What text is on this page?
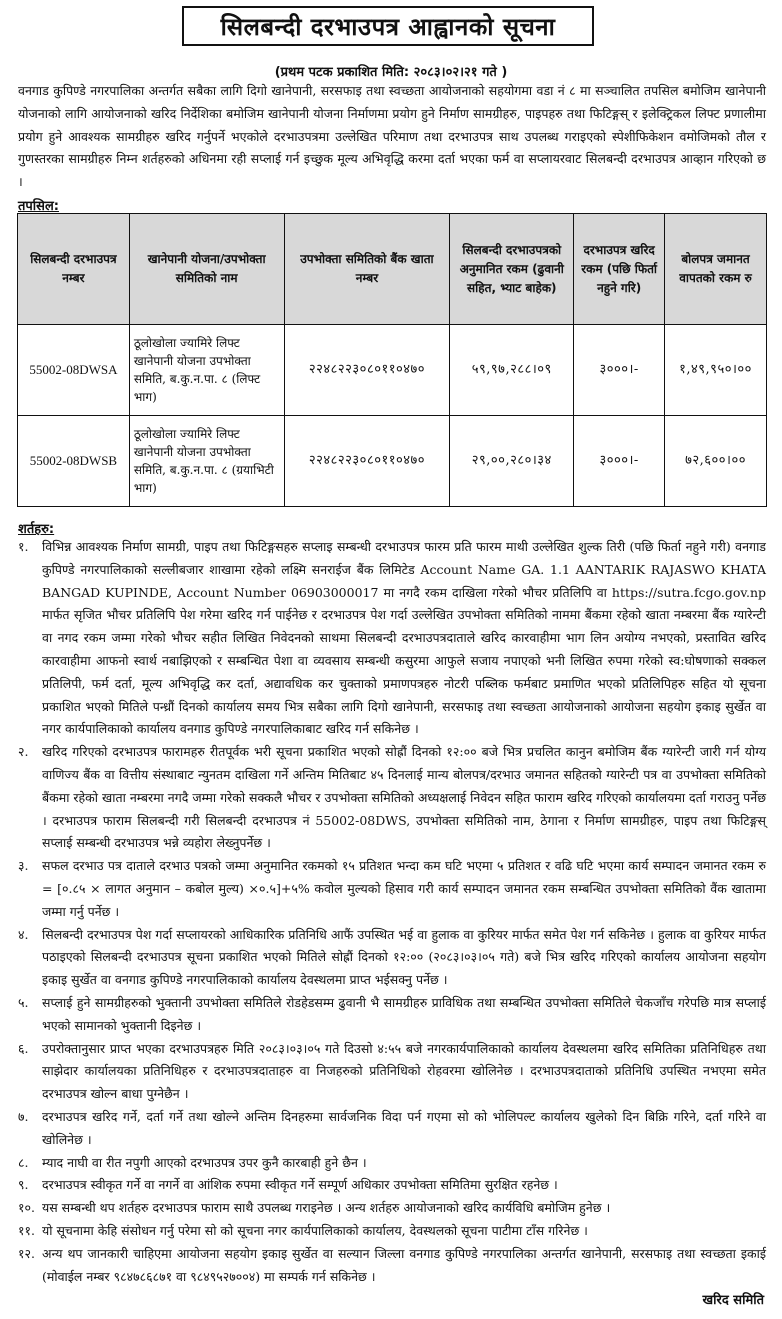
सिलबन्दी दरभाउपत्र आह्वानको सूचना
(प्रथम पटक प्रकाशित मिति: २०८३।०२।२१ गते )
वनगाड कुपिण्डे नगरपालिका अन्तर्गत सबैका लागि दिगो खानेपानी, सरसफाइ तथा स्वच्छता आयोजनाको सहयोगमा वडा नं ८ मा सञ्चालित तपसिल बमोजिम खानेपानी योजनाको लागि आयोजनाको खरिद निर्देशिका बमोजिम खानेपानी योजना निर्माणमा प्रयोग हुने निर्माण सामग्रीहरु, पाइपहरु तथा फिटिङ्गस् र इलेक्ट्रिकल लिफ्ट प्रणालीमा प्रयोग हुने आवश्यक सामग्रीहरु खरिद गर्नुपर्ने भएकोले दरभाउपत्रमा उल्लेखित परिमाण तथा दरभाउपत्र साथ उपलब्ध गराइएको स्पेशीफिकेशन वमोजिमको तौल र गुणस्तरका सामग्रीहरु निम्न शर्तहरुको अधिनमा रही सप्लाई गर्न इच्छुक मूल्य अभिवृद्धि करमा दर्ता भएका फर्म वा सप्लायरवाट सिलबन्दी दरभाउपत्र आव्हान गरिएको छ ।
तपसिल:
सिलबन्दी दरभाउपत्र नम्बर	खानेपानी योजना/उपभोक्ता समितिको नाम	उपभोक्ता समितिको बैंक खाता नम्बर	सिलबन्दी दरभाउपत्रको अनुमानित रकम (ढुवानी सहित, भ्याट बाहेक)	दरभाउपत्र खरिद रकम (पछि फिर्ता नहुने गरि)	बोलपत्र जमानत वापतको रकम रु
55002-08DWSA	ठूलोखोला ज्यामिरे लिफ्ट खानेपानी योजना उपभोक्ता समिति, ब.कु.न.पा. ८ (लिफ्ट भाग)	२२४८२२३०८०११०४७०	५९,९७,२८८।०९	३०००।-	१,४९,९५०।००
55002-08DWSB	ठूलोखोला ज्यामिरे लिफ्ट खानेपानी योजना उपभोक्ता समिति, ब.कु.न.पा. ८ (ग्रयाभिटी भाग)	२२४८२२३०८०११०४७०	२९,००,२८०।३४	३०००।-	७२,६००।००
शर्तहरु:
१.	विभिन्न आवश्यक निर्माण सामग्री, पाइप तथा फिटिङ्गसहरु सप्लाइ सम्बन्धी दरभाउपत्र फारम प्रति फारम माथी उल्लेखित शुल्क तिरी (पछि फिर्ता नहुने गरी) वनगाड कुपिण्डे नगरपालिकाको सल्लीबजार शाखामा रहेको लक्ष्मि सनराईज बैंक लिमिटेड Account Name GA. 1.1 AANTARIK RAJASWO KHATA BANGAD KUPINDE, Account Number 06903000017 मा नगदै रकम दाखिला गरेको भौचर प्रतिलिपि वा https://sutra.fcgo.gov.np मार्फत सृजित भौचर प्रतिलिपि पेश गरेमा खरिद गर्न पाईनेछ र दरभाउपत्र पेश गर्दा उल्लेखित उपभोक्ता समितिको नाममा बैंकमा रहेको खाता नम्बरमा बैंक ग्यारेन्टी वा नगद रकम जम्मा गरेको भौचर सहीत लिखित निवेदनको साथमा सिलबन्दी दरभाउपत्रदाताले खरिद कारवाहीमा भाग लिन अयोग्य नभएको, प्रस्तावित खरिद कारवाहीमा आफनो स्वार्थ नबाझिएको र सम्बन्धित पेशा वा व्यवसाय सम्बन्धी कसुरमा आफुले सजाय नपाएको भनी लिखित रुपमा गरेको स्व:घोषणाको सक्कल प्रतिलिपी, फर्म दर्ता, मूल्य अभिवृद्धि कर दर्ता, अद्यावधिक कर चुक्ताको प्रमाणपत्रहरु नोटरी पब्लिक फर्मबाट प्रमाणित भएको प्रतिलिपिहरु सहित यो सूचना प्रकाशित भएको मितिले पन्ध्रौं दिनको कार्यालय समय भित्र सबैका लागि दिगो खानेपानी, सरसफाइ तथा स्वच्छता आयोजनाको आयोजना सहयोग इकाइ सुर्खेत वा नगर कार्यपालिकाको कार्यालय वनगाड कुपिण्डे नगरपालिकाबाट खरिद गर्न सकिनेछ ।
२.	खरिद गरिएको दरभाउपत्र फारामहरु रीतपूर्वक भरी सूचना प्रकाशित भएको सोह्रौं दिनको १२:०० बजे भित्र प्रचलित कानुन बमोजिम बैंक ग्यारेन्टी जारी गर्न योग्य वाणिज्य बैंक वा वित्तीय संस्थाबाट न्युनतम दाखिला गर्ने अन्तिम मितिबाट ४५ दिनलाई मान्य बोलपत्र/दरभाउ जमानत सहितको ग्यारेन्टी पत्र वा उपभोक्ता समितिको बैंकमा रहेको खाता नम्बरमा नगदै जम्मा गरेको सक्कलै भौचर र उपभोक्ता समितिको अध्यक्षलाई निवेदन सहित फाराम खरिद गरिएको कार्यालयमा दर्ता गराउनु पर्नेछ । दरभाउपत्र फाराम सिलबन्दी गरी सिलबन्दी दरभाउपत्र नं 55002-08DWS, उपभोक्ता समितिको नाम, ठेगाना र निर्माण सामग्रीहरु, पाइप तथा फिटिङ्गस् सप्लाई सम्बन्धी दरभाउपत्र भन्ने व्यहोरा लेख्नुपर्नेछ ।
३.	सफल दरभाउ पत्र दाताले दरभाउ पत्रको जम्मा अनुमानित रकमको १५ प्रतिशत भन्दा कम घटि भएमा ५ प्रतिशत र वढि घटि भएमा कार्य सम्पादन जमानत रकम रु = [०.८५ × लागत अनुमान – कबोल मुल्य) ×०.५]+५% कवोल मुल्यको हिसाव गरी कार्य सम्पादन जमानत रकम सम्बन्धित उपभोक्ता समितिको वैंक खातामा जम्मा गर्नु पर्नेछ ।
४.	सिलबन्दी दरभाउपत्र पेश गर्दा सप्लायरको आधिकारिक प्रतिनिधि आफैं उपस्थित भई वा हुलाक वा कुरियर मार्फत समेत पेश गर्न सकिनेछ । हुलाक वा कुरियर मार्फत पठाइएको सिलबन्दी दरभाउपत्र सूचना प्रकाशित भएको मितिले सोह्रौं दिनको १२:०० (२०८३।०३।०५ गते) बजे भित्र खरिद गरिएको कार्यालय आयोजना सहयोग इकाइ सुर्खेत वा वनगाड कुपिण्डे नगरपालिकाको कार्यालय देवस्थलमा प्राप्त भईसक्नु पर्नेछ ।
५.	सप्लाई हुने सामग्रीहरुको भुक्तानी उपभोक्ता समितिले रोडहेडसम्म ढुवानी भै सामग्रीहरु प्राविधिक तथा सम्बन्धित उपभोक्ता समितिले चेकजाँच गरेपछि मात्र सप्लाई भएको सामानको भुक्तानी दिइनेछ ।
६.	उपरोक्तानुसार प्राप्त भएका दरभाउपत्रहरु मिति २०८३।०३।०५ गते दिउसो ४:५५ बजे नगरकार्यपालिकाको कार्यालय देवस्थलमा खरिद समितिका प्रतिनिधिहरु तथा साझेदार कार्यालयका प्रतिनिधिहरु र दरभाउपत्रदाताहरु वा निजहरुको प्रतिनिधिको रोहवरमा खोलिनेछ । दरभाउपत्रदाताको प्रतिनिधि उपस्थित नभएमा समेत दरभाउपत्र खोल्न बाधा पुग्नेछैन ।
७.	दरभाउपत्र खरिद गर्ने, दर्ता गर्ने तथा खोल्ने अन्तिम दिनहरुमा सार्वजनिक विदा पर्न गएमा सो को भोलिपल्ट कार्यालय खुलेको दिन बिक्रि गरिने, दर्ता गरिने वा खोलिनेछ ।
८.	म्याद नाघी वा रीत नपुगी आएको दरभाउपत्र उपर कुनै कारबाही हुने छैन ।
९.	दरभाउपत्र स्वीकृत गर्ने वा नगर्ने वा आंशिक रुपमा स्वीकृत गर्ने सम्पूर्ण अधिकार उपभोक्ता समितिमा सुरक्षित रहनेछ ।
१०. यस सम्बन्धी थप शर्तहरु दरभाउपत्र फाराम साथै उपलब्ध गराइनेछ । अन्य शर्तहरु आयोजनाको खरिद कार्यविधि बमोजिम हुनेछ ।
११. यो सूचनामा केहि संसोधन गर्नु परेमा सो को सूचना नगर कार्यपालिकाको कार्यालय, देवस्थलको सूचना पाटीमा टाँस गरिनेछ ।
१२. अन्य थप जानकारी चाहिएमा आयोजना सहयोग इकाइ सुर्खेत वा सल्यान जिल्ला वनगाड कुपिण्डे नगरपालिका अन्तर्गत खानेपानी, सरसफाइ तथा स्वच्छता इकाई (मोवाईल नम्बर ९८४७८६८७१ वा ९८४९५२७००४) मा सम्पर्क गर्न सकिनेछ ।
खरिद समिति
